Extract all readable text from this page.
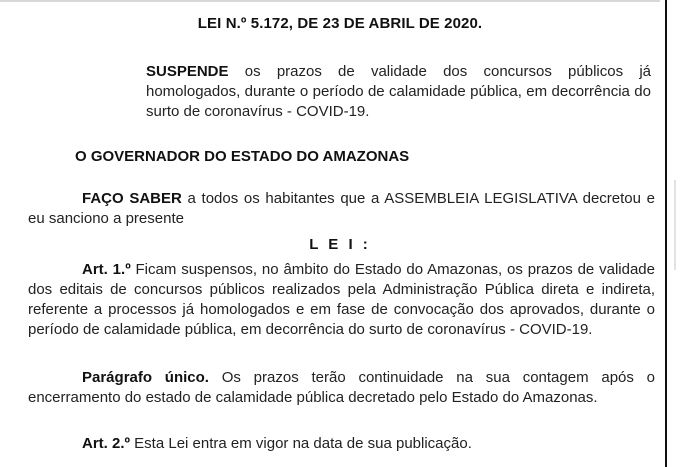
LEI N.º 5.172, DE 23 DE ABRIL DE 2020.
SUSPENDE os prazos de validade dos concursos públicos já homologados, durante o período de calamidade pública, em decorrência do surto de coronavírus - COVID-19.
O GOVERNADOR DO ESTADO DO AMAZONAS
FAÇO SABER a todos os habitantes que a ASSEMBLEIA LEGISLATIVA decretou e eu sanciono a presente
L E I :
Art. 1.º Ficam suspensos, no âmbito do Estado do Amazonas, os prazos de validade dos editais de concursos públicos realizados pela Administração Pública direta e indireta, referente a processos já homologados e em fase de convocação dos aprovados, durante o período de calamidade pública, em decorrência do surto de coronavírus - COVID-19.
Parágrafo único. Os prazos terão continuidade na sua contagem após o encerramento do estado de calamidade pública decretado pelo Estado do Amazonas.
Art. 2.º Esta Lei entra em vigor na data de sua publicação.
